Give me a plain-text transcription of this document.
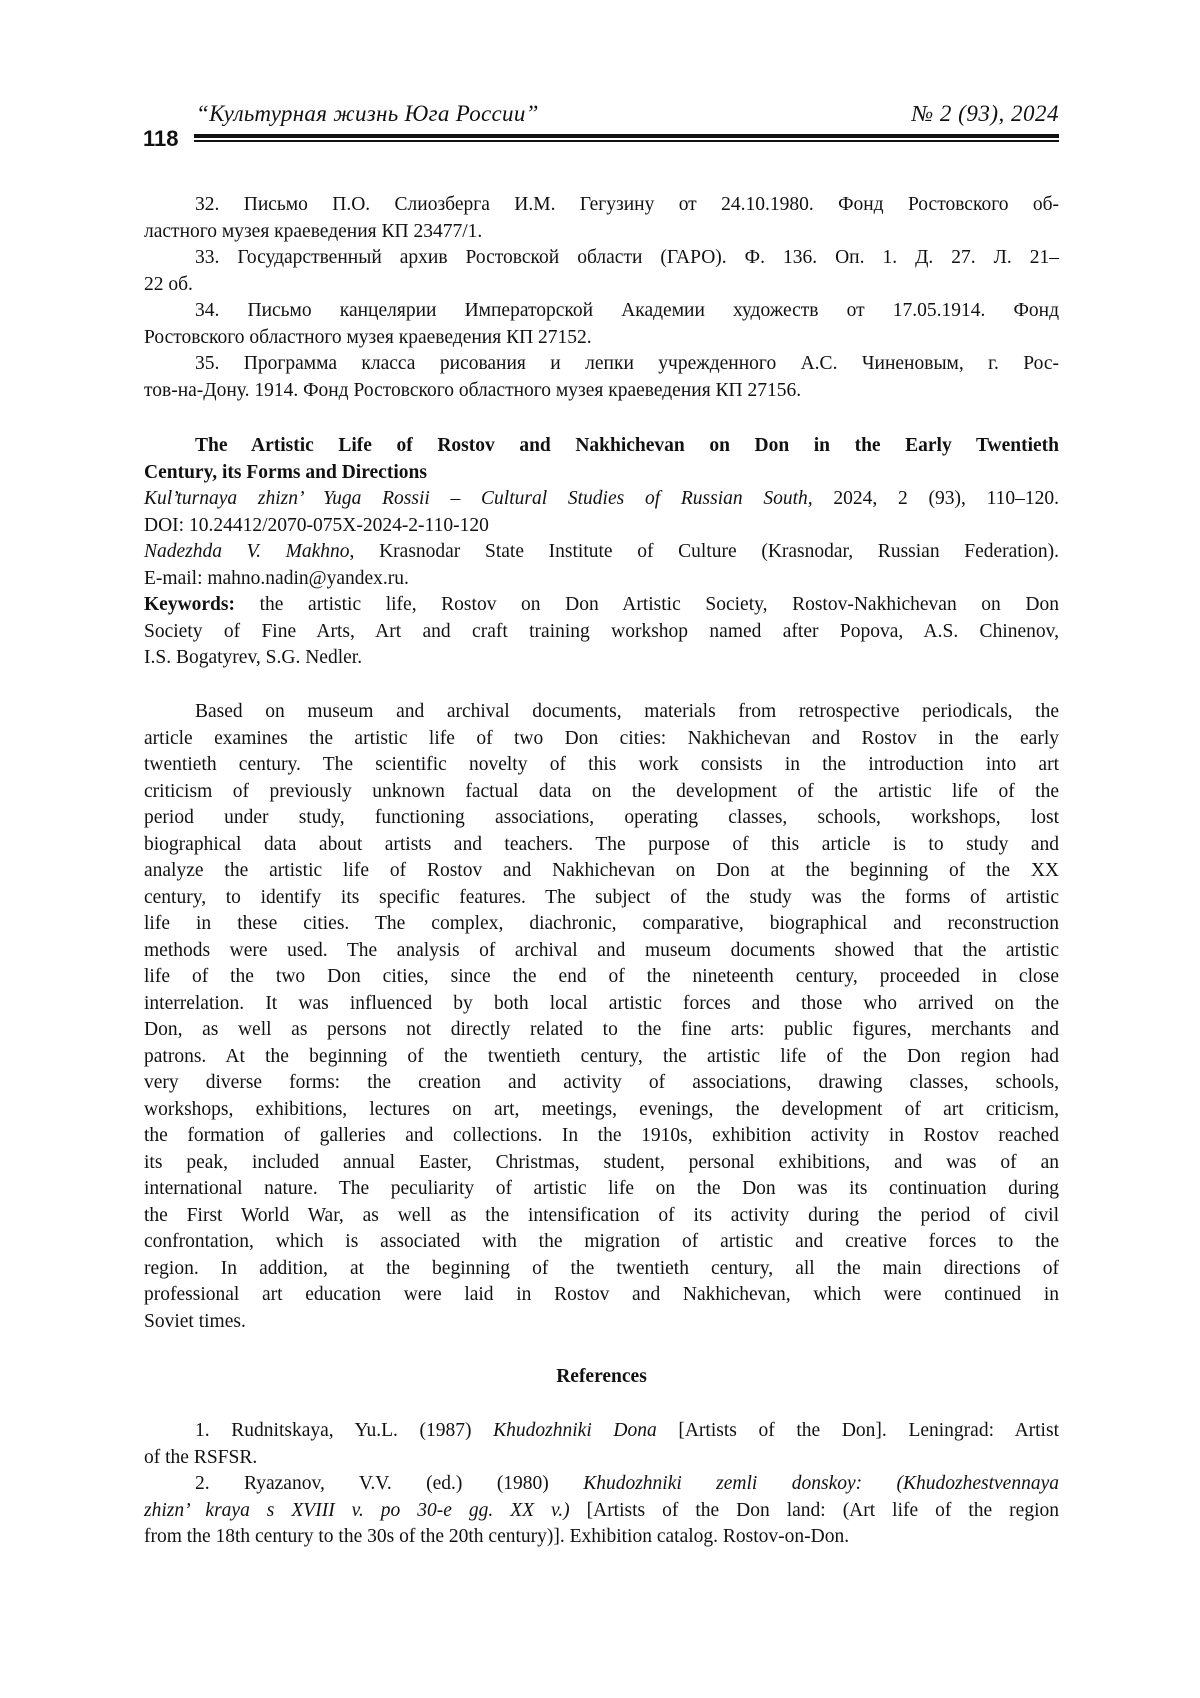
“Культурная жизнь Юга России”	№ 2 (93), 2024
118
32. Письмо П.О. Слиозберга И.М. Гегузину от 24.10.1980. Фонд Ростовского об-
ластного музея краеведения КП 23477/1.
33. Государственный архив Ростовской области (ГАРО). Ф. 136. Оп. 1. Д. 27. Л. 21–
22 об.
34. Письмо канцелярии Императорской Академии художеств от 17.05.1914. Фонд
Ростовского областного музея краеведения КП 27152.
35. Программа класса рисования и лепки учрежденного А.С. Чиненовым, г. Рос-
тов-на-Дону. 1914. Фонд Ростовского областного музея краеведения КП 27156.
The Artistic Life of Rostov and Nakhichevan on Don in the Early Twentieth
Century, its Forms and Directions
Kul’turnaya zhizn’ Yuga Rossii – Cultural Studies of Russian South, 2024, 2 (93), 110–120.
DOI: 10.24412/2070-075X-2024-2-110-120
Nadezhda V. Makhno, Krasnodar State Institute of Culture (Krasnodar, Russian Federation).
E-mail: mahno.nadin@yandex.ru.
Keywords: the artistic life, Rostov on Don Artistic Society, Rostov-Nakhichevan on Don
Society of Fine Arts, Art and craft training workshop named after Popova, A.S. Chinenov,
I.S. Bogatyrev, S.G. Nedler.
Based on museum and archival documents, materials from retrospective periodicals, the
article examines the artistic life of two Don cities: Nakhichevan and Rostov in the early
twentieth century. The scientific novelty of this work consists in the introduction into art
criticism of previously unknown factual data on the development of the artistic life of the
period under study, functioning associations, operating classes, schools, workshops, lost
biographical data about artists and teachers. The purpose of this article is to study and
analyze the artistic life of Rostov and Nakhichevan on Don at the beginning of the XX
century, to identify its specific features. The subject of the study was the forms of artistic
life in these cities. The complex, diachronic, comparative, biographical and reconstruction
methods were used. The analysis of archival and museum documents showed that the artistic
life of the two Don cities, since the end of the nineteenth century, proceeded in close
interrelation. It was influenced by both local artistic forces and those who arrived on the
Don, as well as persons not directly related to the fine arts: public figures, merchants and
patrons. At the beginning of the twentieth century, the artistic life of the Don region had
very diverse forms: the creation and activity of associations, drawing classes, schools,
workshops, exhibitions, lectures on art, meetings, evenings, the development of art criticism,
the formation of galleries and collections. In the 1910s, exhibition activity in Rostov reached
its peak, included annual Easter, Christmas, student, personal exhibitions, and was of an
international nature. The peculiarity of artistic life on the Don was its continuation during
the First World War, as well as the intensification of its activity during the period of civil
confrontation, which is associated with the migration of artistic and creative forces to the
region. In addition, at the beginning of the twentieth century, all the main directions of
professional art education were laid in Rostov and Nakhichevan, which were continued in
Soviet times.
References
1. Rudnitskaya, Yu.L. (1987) Khudozhniki Dona [Artists of the Don]. Leningrad: Artist
of the RSFSR.
2. Ryazanov, V.V. (ed.) (1980) Khudozhniki zemli donskoy: (Khudozhestvennaya
zhizn’ kraya s XVIII v. po 30-e gg. XX v.) [Artists of the Don land: (Art life of the region
from the 18th century to the 30s of the 20th century)]. Exhibition catalog. Rostov-on-Don.
